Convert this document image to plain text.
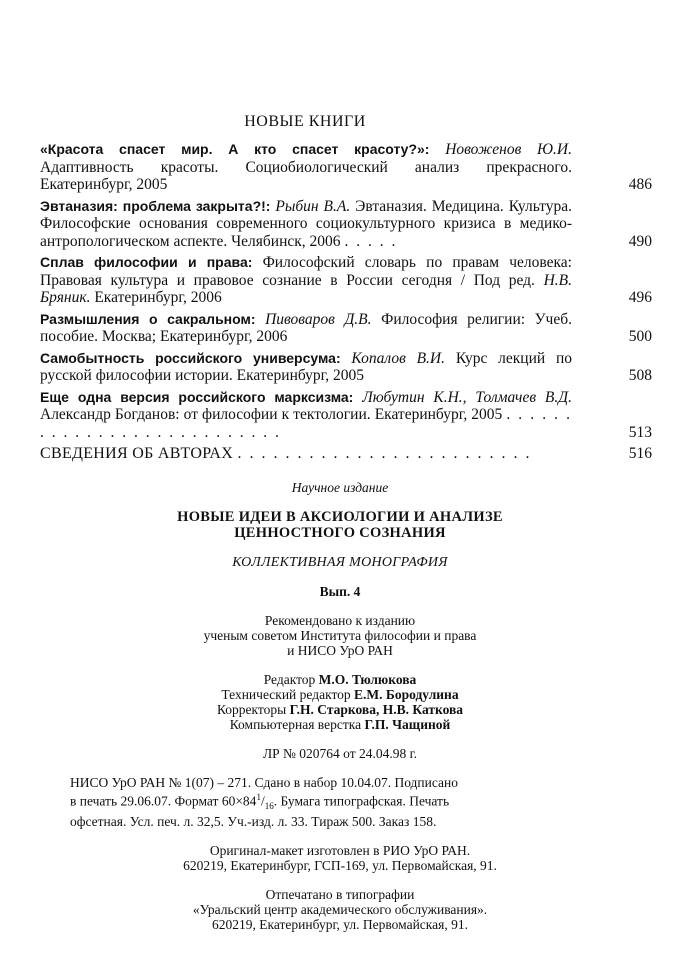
НОВЫЕ КНИГИ
«Красота спасет мир. А кто спасет красоту?»: Новоженов Ю.И. Адаптивность красоты. Социобиологический анализ прекрасного. Екатеринбург, 2005	486
Эвтаназия: проблема закрыта?!: Рыбин В.А. Эвтаназия. Медицина. Культура. Философские основания современного социокультурного кризиса в медико-антропологическом аспекте. Челябинск, 2006 . . . . .	490
Сплав философии и права: Философский словарь по правам человека: Правовая культура и правовое сознание в России сегодня / Под ред. Н.В. Бряник. Екатеринбург, 2006	496
Размышления о сакральном: Пивоваров Д.В. Философия религии: Учеб. пособие. Москва; Екатеринбург, 2006	500
Самобытность российского универсума: Копалов В.И. Курс лекций по русской философии истории. Екатеринбург, 2005	508
Еще одна версия российского марксизма: Любутин К.Н., Толмачев В.Д. Александр Богданов: от философии к тектологии. Екатеринбург, 2005 . . . . . . . . . . . . . . . . . . . . . . . . . . .	513
СВЕДЕНИЯ ОБ АВТОРАХ . . . . . . . . . . . . . . . . . . . . . . . . .	516

Научное издание

НОВЫЕ ИДЕИ В АКСИОЛОГИИ И АНАЛИЗЕ

ЦЕННОСТНОГО СОЗНАНИЯ

КОЛЛЕКТИВНАЯ МОНОГРАФИЯ

Вып. 4

Рекомендовано к изданию

ученым советом Института философии и права

и НИСО УрО РАН

Редактор М.О. Тюлюкова

Технический редактор Е.М. Бородулина

Корректоры Г.Н. Старкова, Н.В. Каткова

Компьютерная верстка Г.П. Чащиной

ЛР № 020764 от 24.04.98 г.

НИСО УрО РАН № 1(07) – 271. Сдано в набор 10.04.07. Подписано

в печать 29.06.07. Формат $60\times 84^1/_{16}$. Бумага типографская. Печать

офсетная. Усл. печ. л. 32,5. Уч.-изд. л. 33. Тираж 500. Заказ 158.

Оригинал-макет изготовлен в РИО УрО РАН.

620219, Екатеринбург, ГСП-169, ул. Первомайская, 91.

Отпечатано в типографии

«Уральский центр академического обслуживания».

620219, Екатеринбург, ул. Первомайская, 91.
